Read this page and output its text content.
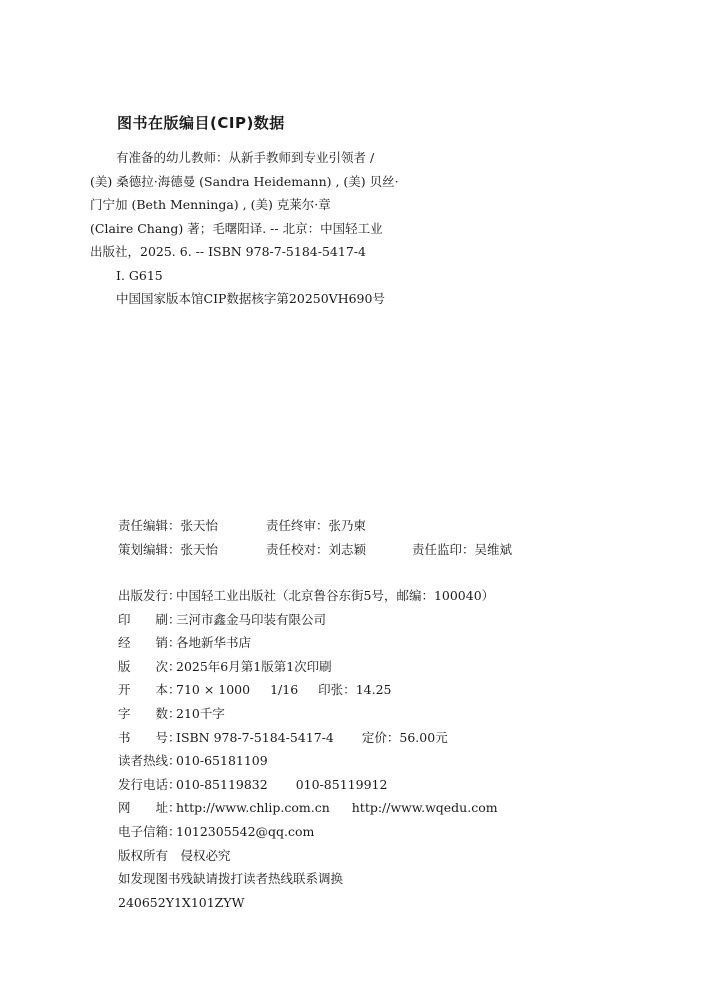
图书在版编目(CIP)数据

有准备的幼儿教师：从新手教师到专业引领者 /

(美) 桑德拉·海德曼 (Sandra Heidemann) , (美) 贝丝·

门宁加 (Beth Menninga) , (美) 克莱尔·章

(Claire Chang) 著；毛曙阳译. -- 北京：中国轻工业

出版社，2025. 6. -- ISBN 978-7-5184-5417-4

Ⅰ. G615

中国国家版本馆CIP数据核字第20250VH690号

责任编辑：张天怡	责任终审：张乃柬
策划编辑：张天怡	责任校对：刘志颖	责任监印：吴维斌
出版发行：中国轻工业出版社（北京鲁谷东街5号，邮编：100040）
印　　刷：三河市鑫金马印装有限公司
经　　销：各地新华书店
版　　次：2025年6月第1版第1次印刷
开　　本：710 × 1000 1/16 印张：14.25
字　　数：210千字
书　　号：ISBN 978-7-5184-5417-4 定价：56.00元
读者热线：010-65181109
发行电话：010-85119832 010-85119912
网　　址：http://www.chlip.com.cn http://www.wqedu.com
电子信箱：1012305542@qq.com
版权所有　侵权必究
如发现图书残缺请拨打读者热线联系调换
240652Y1X101ZYW
